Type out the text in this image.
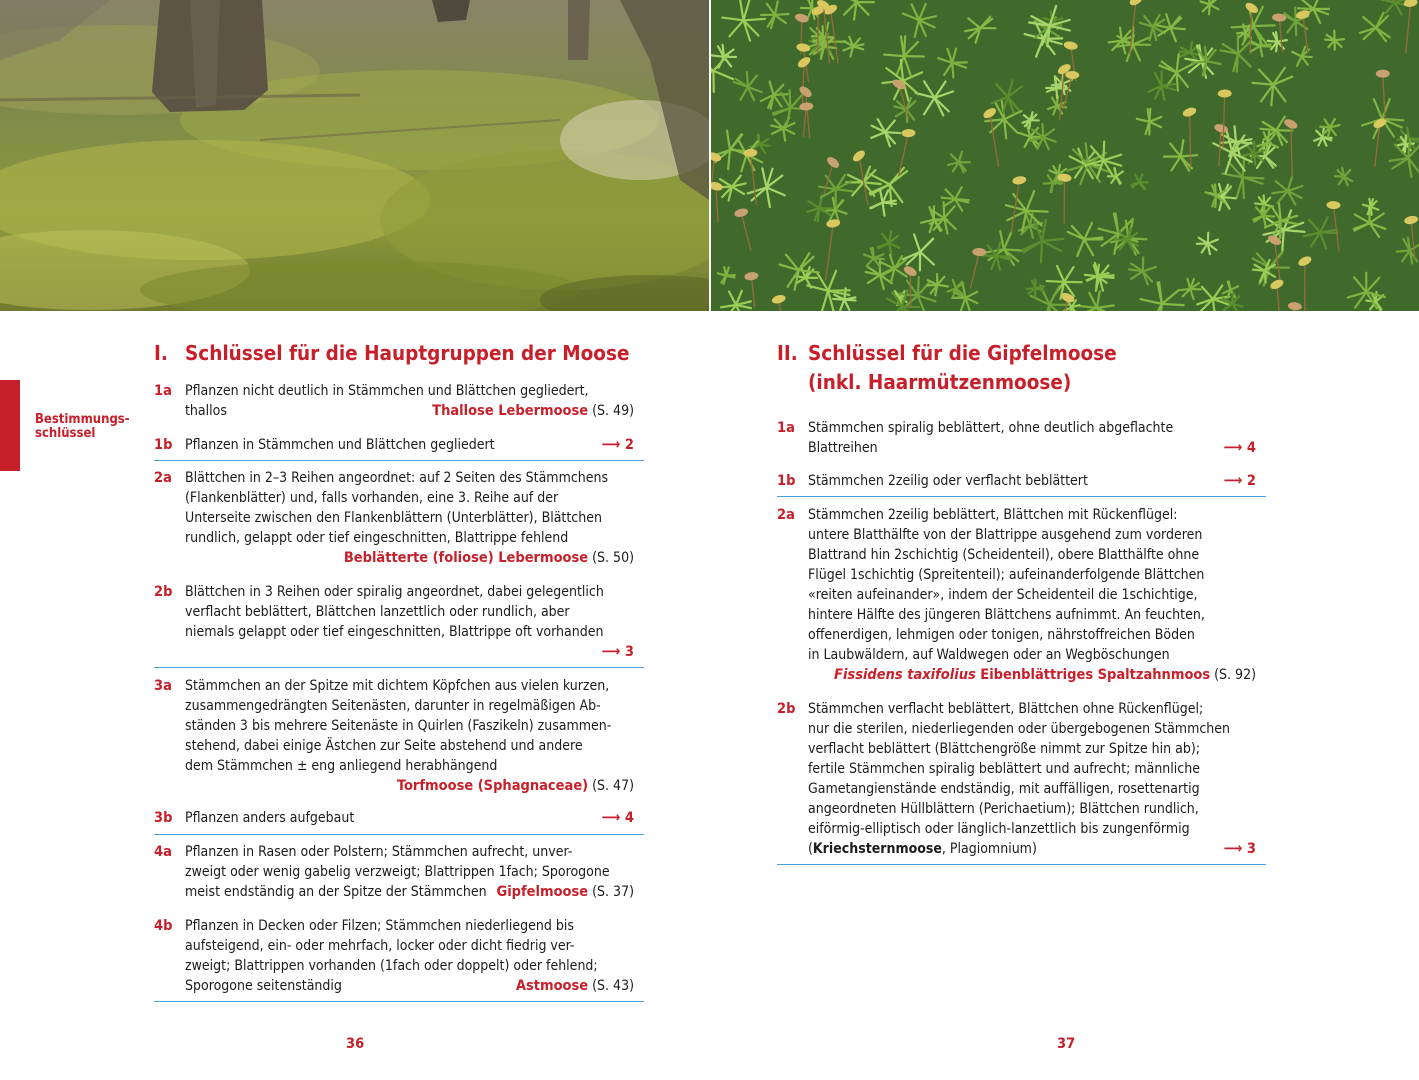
Bestimmungs-
schlüssel
I. Schlüssel für die Hauptgruppen der Moose
1a Pflanzen nicht deutlich in Stämmchen und Blättchen gegliedert,
thallos	Thallose Lebermoose (S. 49)
1b Pflanzen in Stämmchen und Blättchen gegliedert	⟶ 2
2a Blättchen in 2–3 Reihen angeordnet: auf 2 Seiten des Stämmchens
(Flankenblätter) und, falls vorhanden, eine 3. Reihe auf der
Unterseite zwischen den Flankenblättern (Unterblätter), Blättchen
rundlich, gelappt oder tief eingeschnitten, Blattrippe fehlend
Beblätterte (foliose) Lebermoose (S. 50)
2b Blättchen in 3 Reihen oder spiralig angeordnet, dabei gelegentlich
verflacht beblättert, Blättchen lanzettlich oder rundlich, aber
niemals gelappt oder tief eingeschnitten, Blattrippe oft vorhanden
⟶ 3
3a Stämmchen an der Spitze mit dichtem Köpfchen aus vielen kurzen,
zusammengedrängten Seitenästen, darunter in regelmäßigen Ab-
ständen 3 bis mehrere Seitenäste in Quirlen (Faszikeln) zusammen-
stehend, dabei einige Ästchen zur Seite abstehend und andere
dem Stämmchen ± eng anliegend herabhängend
Torfmoose (Sphagnaceae) (S. 47)
3b Pflanzen anders aufgebaut	⟶ 4
4a Pflanzen in Rasen oder Polstern; Stämmchen aufrecht, unver-
zweigt oder wenig gabelig verzweigt; Blattrippen 1fach; Sporogone
meist endständig an der Spitze der Stämmchen Gipfelmoose (S. 37)
4b Pflanzen in Decken oder Filzen; Stämmchen niederliegend bis
aufsteigend, ein- oder mehrfach, locker oder dicht fiedrig ver-
zweigt; Blattrippen vorhanden (1fach oder doppelt) oder fehlend;
Sporogone seitenständig	Astmoose (S. 43)
36
II. Schlüssel für die Gipfelmoose
(inkl. Haarmützenmoose)
1a Stämmchen spiralig beblättert, ohne deutlich abgeflachte
Blattreihen	⟶ 4
1b Stämmchen 2zeilig oder verflacht beblättert	⟶ 2
2a Stämmchen 2zeilig beblättert, Blättchen mit Rückenflügel:
untere Blatthälfte von der Blattrippe ausgehend zum vorderen
Blattrand hin 2schichtig (Scheidenteil), obere Blatthälfte ohne
Flügel 1schichtig (Spreitenteil); aufeinanderfolgende Blättchen
«reiten aufeinander», indem der Scheidenteil die 1schichtige,
hintere Hälfte des jüngeren Blättchens aufnimmt. An feuchten,
offenerdigen, lehmigen oder tonigen, nährstoffreichen Böden
in Laubwäldern, auf Waldwegen oder an Wegböschungen
Fissidens taxifolius Eibenblättriges Spaltzahnmoos (S. 92)
2b Stämmchen verflacht beblättert, Blättchen ohne Rückenflügel;
nur die sterilen, niederliegenden oder übergebogenen Stämmchen
verflacht beblättert (Blättchengröße nimmt zur Spitze hin ab);
fertile Stämmchen spiralig beblättert und aufrecht; männliche
Gametangienstände endständig, mit auffälligen, rosettenartig
angeordneten Hüllblättern (Perichaetium); Blättchen rundlich,
eiförmig-elliptisch oder länglich-lanzettlich bis zungenförmig
(Kriechsternmoose, Plagiomnium)	⟶ 3
37
